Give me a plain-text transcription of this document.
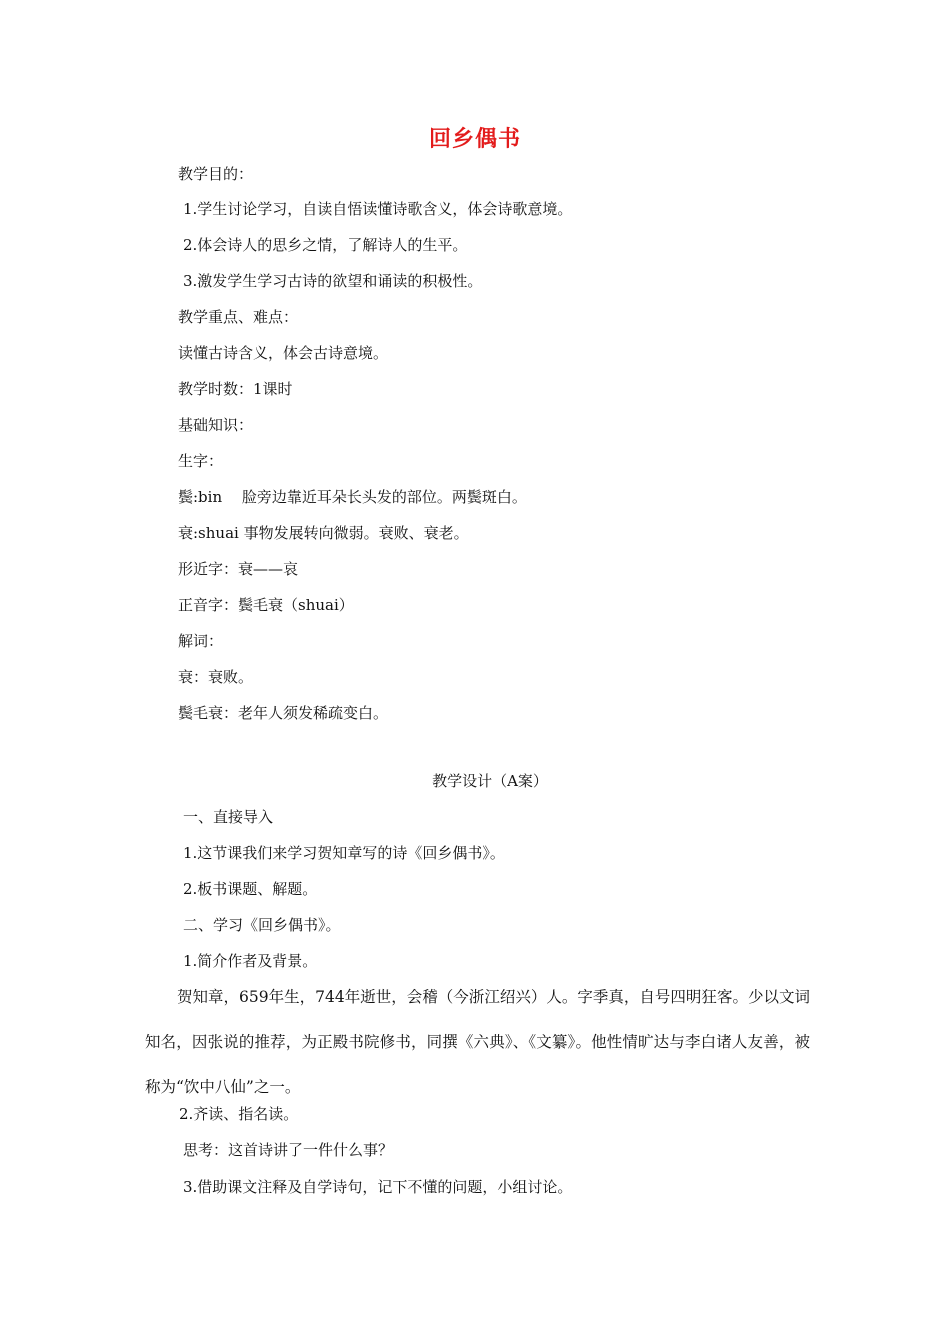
回乡偶书
教学目的：
1.学生讨论学习，自读自悟读懂诗歌含义，体会诗歌意境。
2.体会诗人的思乡之情，了解诗人的生平。
3.激发学生学习古诗的欲望和诵读的积极性。
教学重点、难点：
读懂古诗含义，体会古诗意境。
教学时数：1课时
基础知识：
生字：
鬓:bin　 脸旁边靠近耳朵长头发的部位。两鬓斑白。
衰:shuai 事物发展转向微弱。衰败、衰老。
形近字：衰——哀
正音字：鬓毛衰（shuai）
解词：
衰：衰败。
鬓毛衰：老年人须发稀疏变白。
教学设计（A案）
一、直接导入
1.这节课我们来学习贺知章写的诗《回乡偶书》。
2.板书课题、解题。
二、学习《回乡偶书》。
1.简介作者及背景。
贺知章，659年生，744年逝世，会稽（今浙江绍兴）人。字季真，自号四明狂客。少以文词知名，因张说的推荐，为正殿书院修书，同撰《六典》、《文纂》。他性情旷达与李白诸人友善，被称为“饮中八仙”之一。
2.齐读、指名读。
思考：这首诗讲了一件什么事？
3.借助课文注释及自学诗句，记下不懂的问题，小组讨论。
